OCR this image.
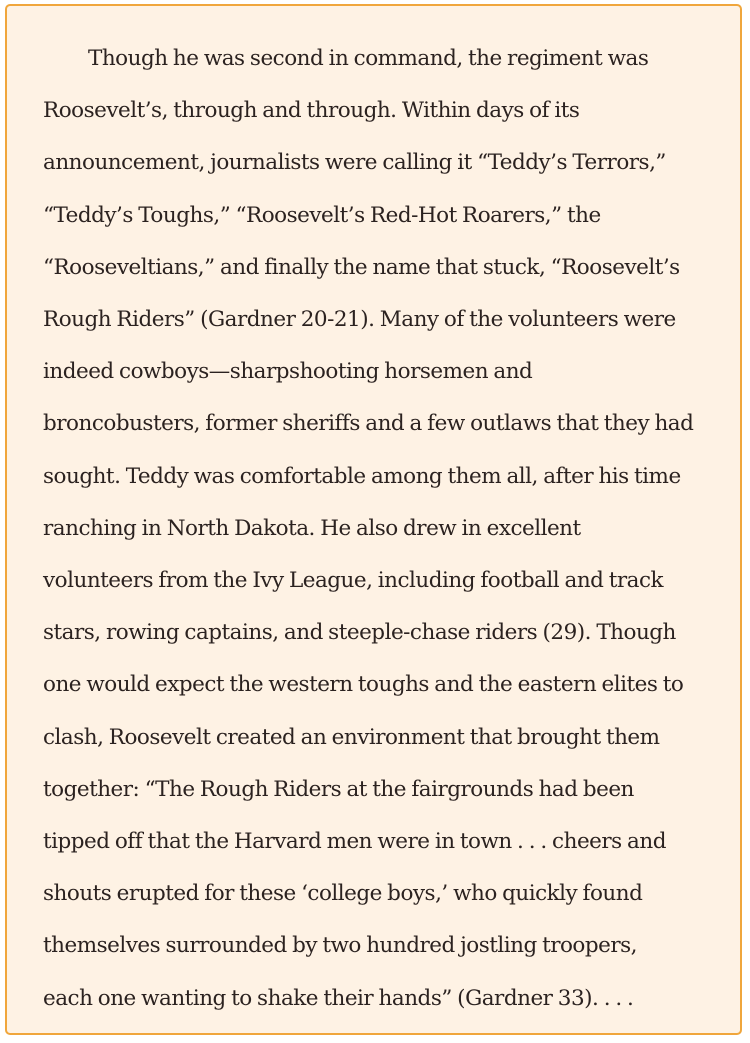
Though he was second in command, the regiment was
Roosevelt’s, through and through. Within days of its
announcement, journalists were calling it “Teddy’s Terrors,”
“Teddy’s Toughs,” “Roosevelt’s Red-Hot Roarers,” the
“Rooseveltians,” and finally the name that stuck, “Roosevelt’s
Rough Riders” (Gardner 20-21). Many of the volunteers were
indeed cowboys—sharpshooting horsemen and
broncobusters, former sheriffs and a few outlaws that they had
sought. Teddy was comfortable among them all, after his time
ranching in North Dakota. He also drew in excellent
volunteers from the Ivy League, including football and track
stars, rowing captains, and steeple-chase riders (29). Though
one would expect the western toughs and the eastern elites to
clash, Roosevelt created an environment that brought them
together: “The Rough Riders at the fairgrounds had been
tipped off that the Harvard men were in town . . . cheers and
shouts erupted for these ‘college boys,’ who quickly found
themselves surrounded by two hundred jostling troopers,
each one wanting to shake their hands” (Gardner 33). . . .
